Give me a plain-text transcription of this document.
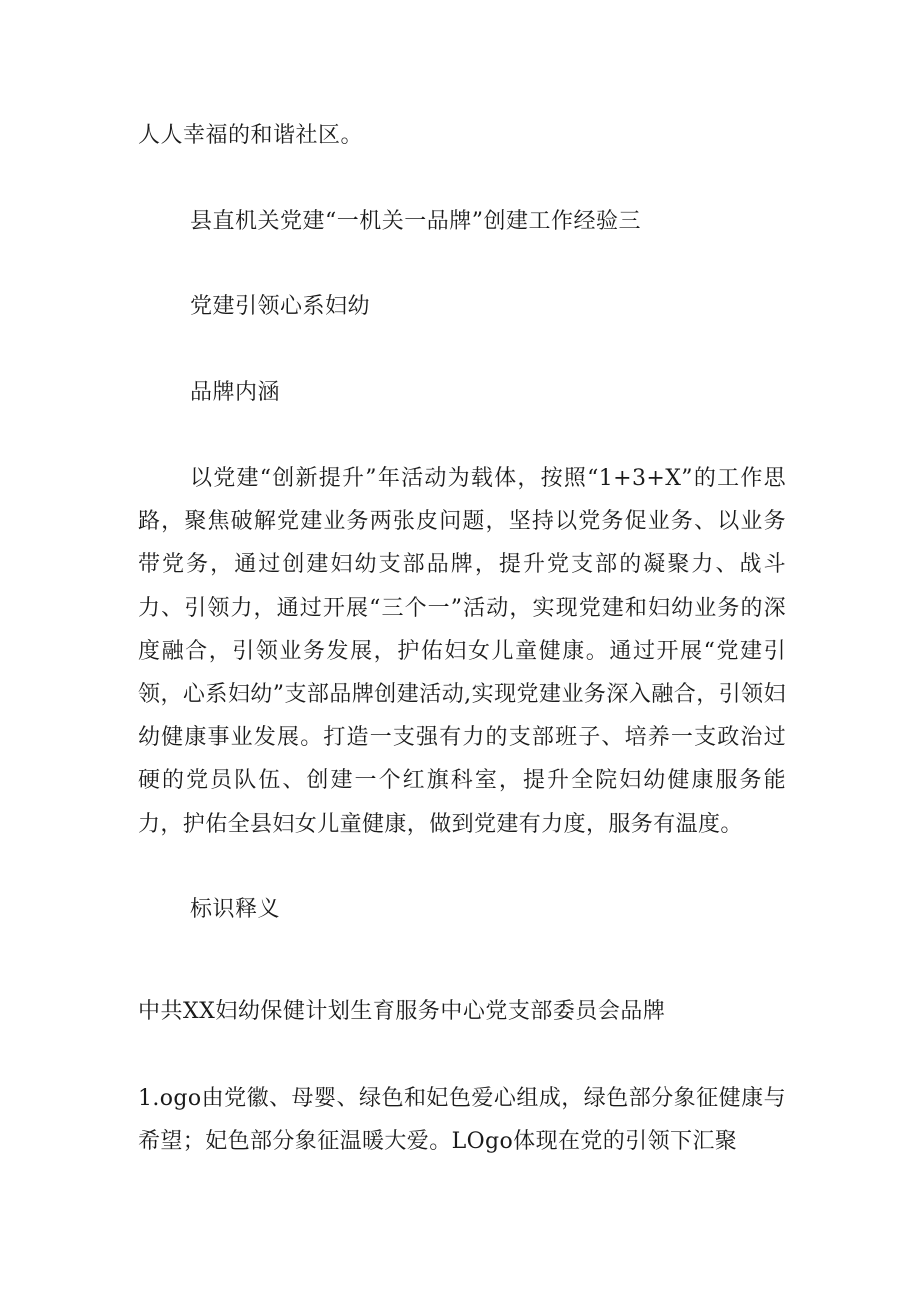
人人幸福的和谐社区。
县直机关党建“一机关一品牌”创建工作经验三
党建引领心系妇幼
品牌内涵
以党建“创新提升”年活动为载体，按照“1+3+X”的工作思路，聚焦破解党建业务两张皮问题，坚持以党务促业务、以业务带党务，通过创建妇幼支部品牌，提升党支部的凝聚力、战斗力、引领力，通过开展“三个一”活动，实现党建和妇幼业务的深度融合，引领业务发展，护佑妇女儿童健康。通过开展“党建引领，心系妇幼”支部品牌创建活动,实现党建业务深入融合，引领妇幼健康事业发展。打造一支强有力的支部班子、培养一支政治过硬的党员队伍、创建一个红旗科室，提升全院妇幼健康服务能力，护佑全县妇女儿童健康，做到党建有力度，服务有温度。
标识释义
中共XX妇幼保健计划生育服务中心党支部委员会品牌
1.ogo由党徽、母婴、绿色和妃色爱心组成，绿色部分象征健康与希望；妃色部分象征温暖大爱。LOgo体现在党的引领下汇聚
